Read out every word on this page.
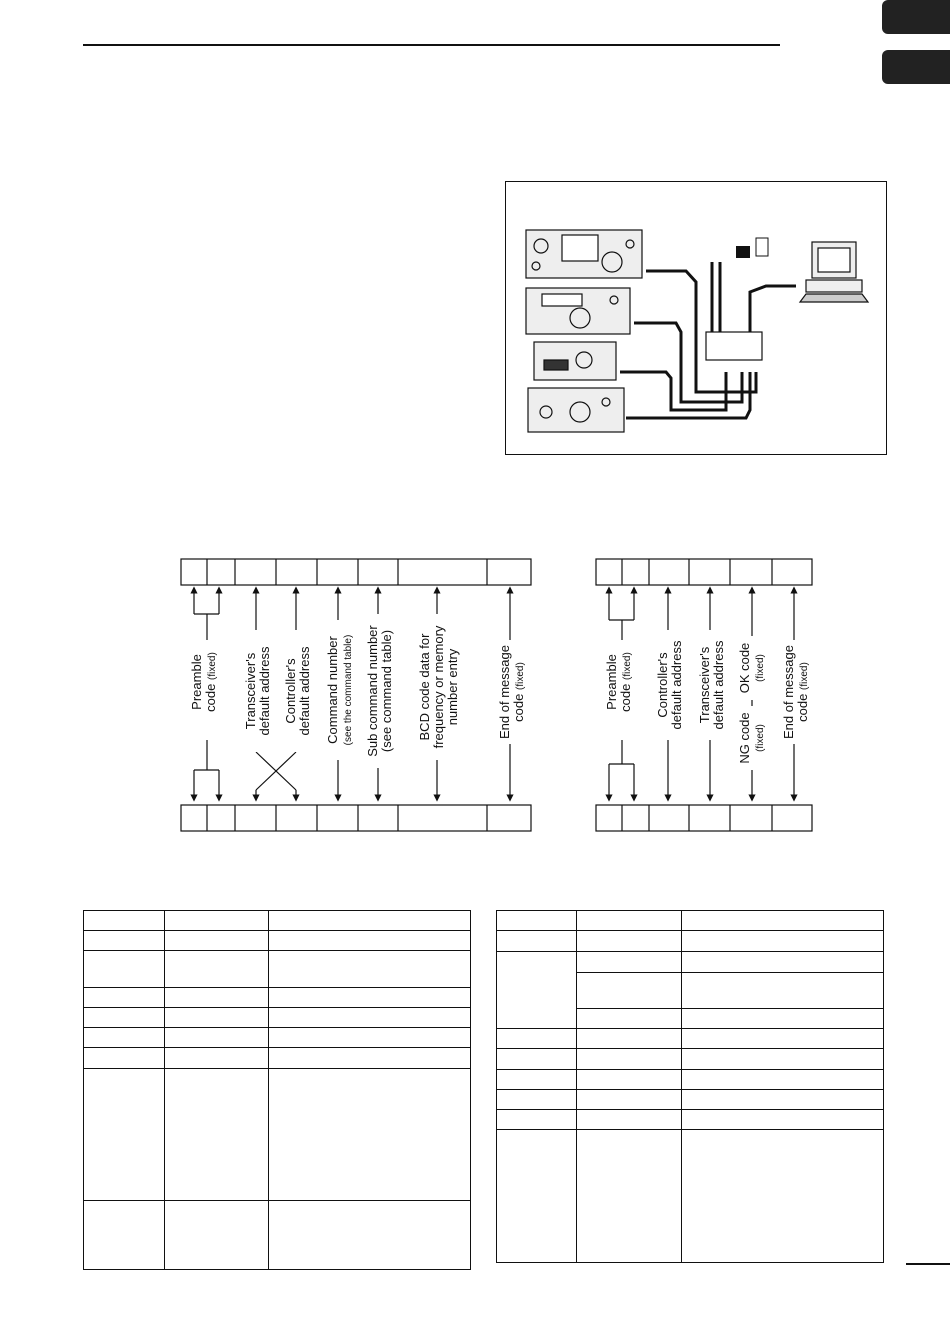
Preamble code (fixed) Transceiver's default address Controller's default address Command number (see the command table) Sub command number (see command table) BCD code data for frequency or memory number entry	End of message code (fixed)	Preamble code (fixed) Controller's default address Transceiver's default address OK code (fixed)
NG code (fixed) End of message code (fixed)
